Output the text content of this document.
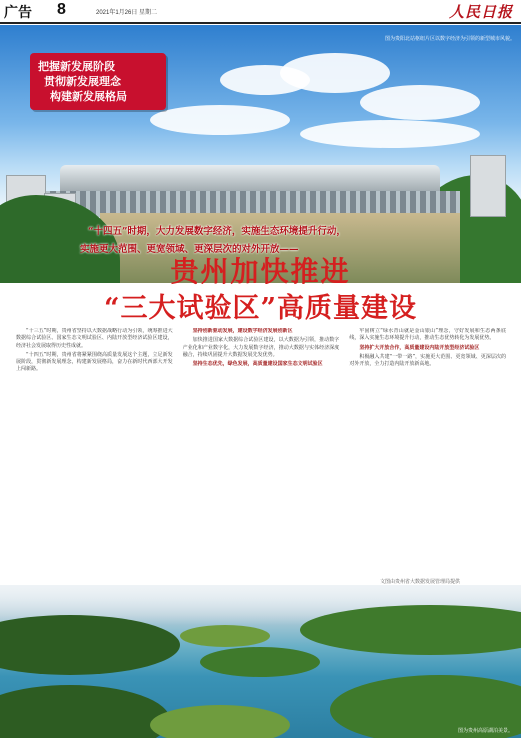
广告 8	2021年1月26日 星期二	人民日报
图为贵阳北站枢纽片区以数字经济为引领的新型城市风貌。
把握新发展阶段
贯彻新发展理念
构建新发展格局
“十四五”时期，大力发展数字经济，实施生态环境提升行动，
实施更大范围、更宽领域、更深层次的对外开放——
贵州加快推进
“三大试验区”高质量建设

“十三五”时期，贵州省坚持以大数据战略行动为引领，统筹推进大数据综合试验区、国家生态文明试验区、内陆开放型经济试验区建设，经济社会发展取得历史性成就。

“十四五”时期，贵州省将紧紧围绕高质量发展这个主题，立足新发展阶段，贯彻新发展理念，构建新发展格局，奋力在新时代西部大开发上闯新路。

坚持创新驱动发展，建设数字经济发展创新区

加快推进国家大数据综合试验区建设，以大数据为引领，推动数字产业化和产业数字化，大力发展数字经济，推动大数据与实体经济深度融合，持续巩固提升大数据发展先发优势。

坚持生态优先，绿色发展，高质量建设国家生态文明试验区

牢固树立“绿水青山就是金山银山”理念，守好发展和生态两条底线，深入实施生态环境提升行动，推动生态优势转化为发展优势。

坚持扩大开放合作，高质量建设内陆开放型经济试验区

积极融入共建“一带一路”，实施更大范围、更宽领域、更深层次的对外开放，全力打造内陆开放新高地。

文图由贵州省大数据发展管理局提供
图为贵州高原湖泊美景。
